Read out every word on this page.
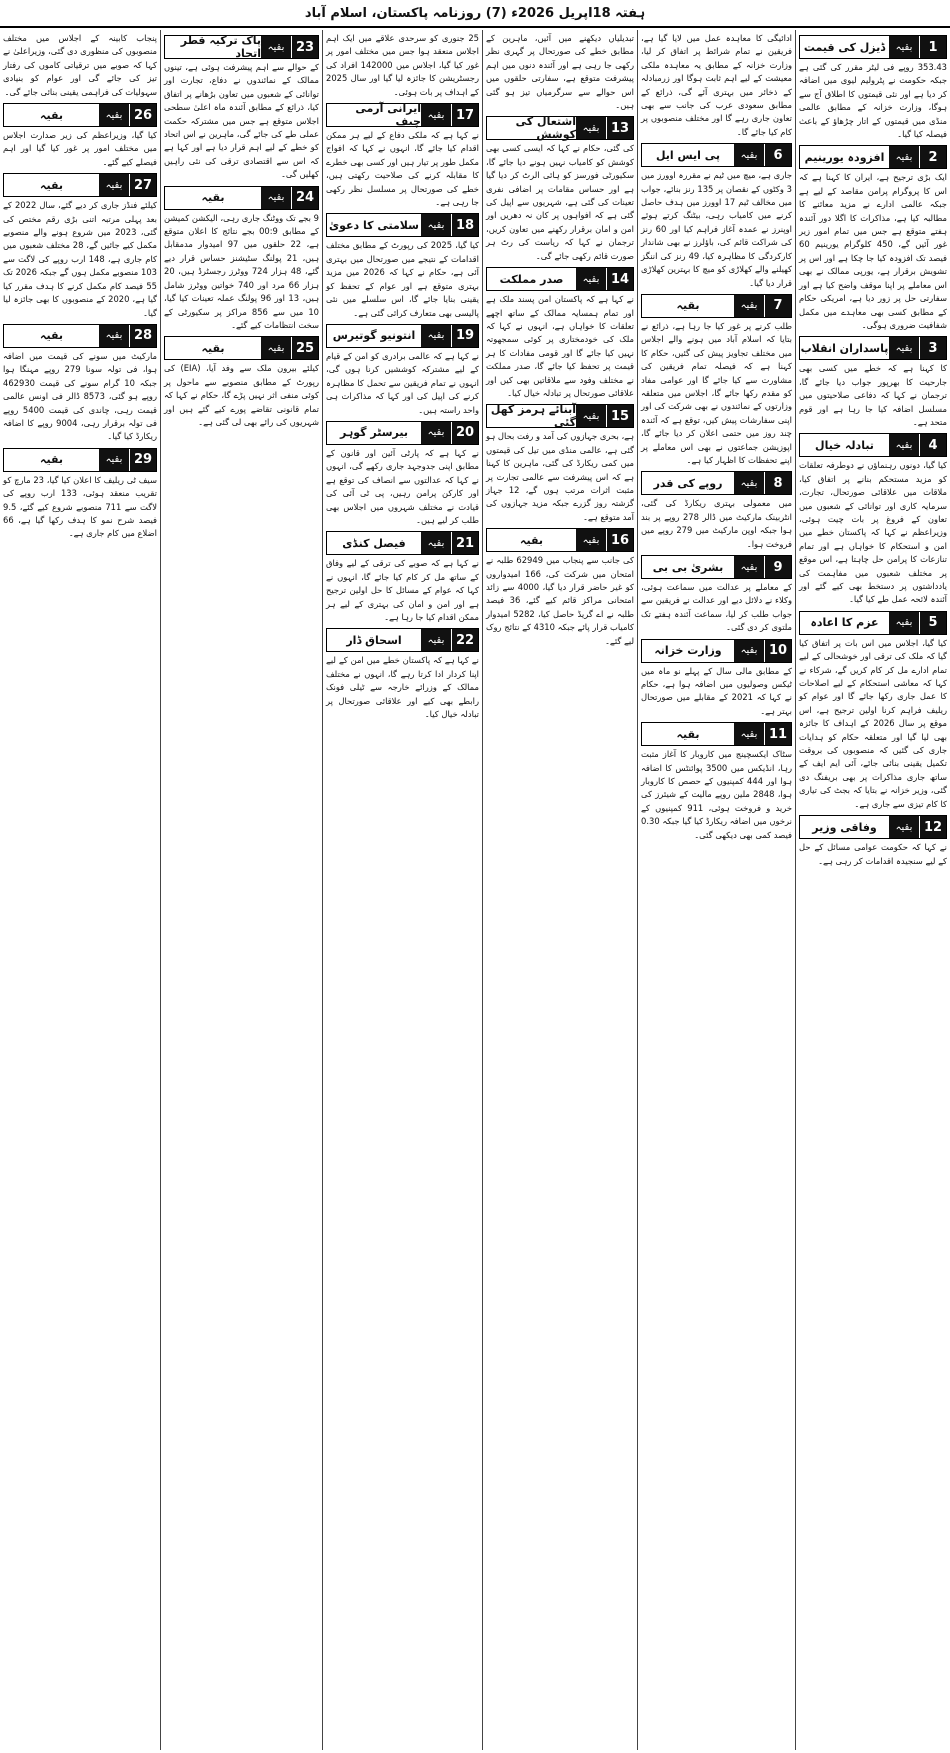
ہفتہ 18اپریل 2026ء (7) روزنامہ پاکستان، اسلام آباد
1
بقیہ
ڈیزل کی قیمت
353.43 روپے فی لیٹر مقرر کی گئی ہے جبکہ حکومت نے پٹرولیم لیوی میں اضافہ کر دیا ہے اور نئی قیمتوں کا اطلاق آج سے ہوگا، وزارت خزانہ کے مطابق عالمی منڈی میں قیمتوں کے اتار چڑھاؤ کے باعث فیصلہ کیا گیا۔
2
بقیہ
افزودہ یورینیم
ایک بڑی ترجیح ہے، ایران کا کہنا ہے کہ اس کا پروگرام پرامن مقاصد کے لیے ہے جبکہ عالمی ادارے نے مزید معائنے کا مطالبہ کیا ہے، مذاکرات کا اگلا دور آئندہ ہفتے متوقع ہے جس میں تمام امور زیر غور آئیں گے، 450 کلوگرام یورینیم 60 فیصد تک افزودہ کیا جا چکا ہے اور اس پر تشویش برقرار ہے، یورپی ممالک نے بھی اس معاملے پر اپنا موقف واضح کیا ہے اور سفارتی حل پر زور دیا ہے، امریکی حکام کے مطابق کسی بھی معاہدے میں مکمل شفافیت ضروری ہوگی۔
3
بقیہ
پاسداران انقلاب
کا کہنا ہے کہ خطے میں کسی بھی جارحیت کا بھرپور جواب دیا جائے گا، ترجمان نے کہا کہ دفاعی صلاحیتوں میں مسلسل اضافہ کیا جا رہا ہے اور قوم متحد ہے۔
4
بقیہ
تبادلہ خیال
کیا گیا، دونوں رہنماؤں نے دوطرفہ تعلقات کو مزید مستحکم بنانے پر اتفاق کیا، ملاقات میں علاقائی صورتحال، تجارت، سرمایہ کاری اور توانائی کے شعبوں میں تعاون کے فروغ پر بات چیت ہوئی، وزیراعظم نے کہا کہ پاکستان خطے میں امن و استحکام کا خواہاں ہے اور تمام تنازعات کا پرامن حل چاہتا ہے، اس موقع پر مختلف شعبوں میں مفاہمت کی یادداشتوں پر دستخط بھی کیے گئے اور آئندہ لائحہ عمل طے کیا گیا۔
5
بقیہ
عزم کا اعادہ
کیا گیا، اجلاس میں اس بات پر اتفاق کیا گیا کہ ملک کی ترقی اور خوشحالی کے لیے تمام ادارے مل کر کام کریں گے، شرکاء نے کہا کہ معاشی استحکام کے لیے اصلاحات کا عمل جاری رکھا جائے گا اور عوام کو ریلیف فراہم کرنا اولین ترجیح ہے، اس موقع پر سال 2026 کے اہداف کا جائزہ بھی لیا گیا اور متعلقہ حکام کو ہدایات جاری کی گئیں کہ منصوبوں کی بروقت تکمیل یقینی بنائی جائے، آئی ایم ایف کے ساتھ جاری مذاکرات پر بھی بریفنگ دی گئی، وزیر خزانہ نے بتایا کہ بجٹ کی تیاری کا کام تیزی سے جاری ہے۔
12
بقیہ
وفاقی وزیر
نے کہا کہ حکومت عوامی مسائل کے حل کے لیے سنجیدہ اقدامات کر رہی ہے۔
ادائیگی کا معاہدہ عمل میں لایا گیا ہے، فریقین نے تمام شرائط پر اتفاق کر لیا، وزارت خزانہ کے مطابق یہ معاہدہ ملکی معیشت کے لیے اہم ثابت ہوگا اور زرمبادلہ کے ذخائر میں بہتری آئے گی، ذرائع کے مطابق سعودی عرب کی جانب سے بھی تعاون جاری رہے گا اور مختلف منصوبوں پر کام کیا جائے گا۔
6
بقیہ
پی ایس ایل
جاری ہے، میچ میں ٹیم نے مقررہ اوورز میں 3 وکٹوں کے نقصان پر 135 رنز بنائے، جواب میں مخالف ٹیم 17 اوورز میں ہدف حاصل کرنے میں کامیاب رہی، بیٹنگ کرتے ہوئے اوپنرز نے عمدہ آغاز فراہم کیا اور 60 رنز کی شراکت قائم کی، باؤلرز نے بھی شاندار کارکردگی کا مظاہرہ کیا، 49 رنز کی اننگز کھیلنے والے کھلاڑی کو میچ کا بہترین کھلاڑی قرار دیا گیا۔
7
بقیہ
بقیہ
طلب کرنے پر غور کیا جا رہا ہے، ذرائع نے بتایا کہ اسلام آباد میں ہونے والے اجلاس میں مختلف تجاویز پیش کی گئیں، حکام کا کہنا ہے کہ فیصلہ تمام فریقین کی مشاورت سے کیا جائے گا اور عوامی مفاد کو مقدم رکھا جائے گا، اجلاس میں متعلقہ وزارتوں کے نمائندوں نے بھی شرکت کی اور اپنی سفارشات پیش کیں، توقع ہے کہ آئندہ چند روز میں حتمی اعلان کر دیا جائے گا، اپوزیشن جماعتوں نے بھی اس معاملے پر اپنے تحفظات کا اظہار کیا ہے۔
8
بقیہ
روپے کی قدر
میں معمولی بہتری ریکارڈ کی گئی، انٹربینک مارکیٹ میں ڈالر 278 روپے پر بند ہوا جبکہ اوپن مارکیٹ میں 279 روپے میں فروخت ہوا۔
9
بقیہ
بشریٰ بی بی
کے معاملے پر عدالت میں سماعت ہوئی، وکلاء نے دلائل دیے اور عدالت نے فریقین سے جواب طلب کر لیا، سماعت آئندہ ہفتے تک ملتوی کر دی گئی۔
10
بقیہ
وزارت خزانہ
کے مطابق مالی سال کے پہلے نو ماہ میں ٹیکس وصولیوں میں اضافہ ہوا ہے، حکام نے کہا کہ 2021 کے مقابلے میں صورتحال بہتر ہے۔
11
بقیہ
بقیہ
سٹاک ایکسچینج میں کاروبار کا آغاز مثبت رہا، انڈیکس میں 3500 پوائنٹس کا اضافہ ہوا اور 444 کمپنیوں کے حصص کا کاروبار ہوا، 2848 ملین روپے مالیت کے شیئرز کی خرید و فروخت ہوئی، 911 کمپنیوں کے نرخوں میں اضافہ ریکارڈ کیا گیا جبکہ 0.30 فیصد کمی بھی دیکھی گئی۔
تبدیلیاں دیکھنے میں آئیں، ماہرین کے مطابق خطے کی صورتحال پر گہری نظر رکھی جا رہی ہے اور آئندہ دنوں میں اہم پیشرفت متوقع ہے، سفارتی حلقوں میں اس حوالے سے سرگرمیاں تیز ہو گئی ہیں۔
13
بقیہ
اشتعال کی کوشش
کی گئی، حکام نے کہا کہ ایسی کسی بھی کوشش کو کامیاب نہیں ہونے دیا جائے گا، سکیورٹی فورسز کو ہائی الرٹ کر دیا گیا ہے اور حساس مقامات پر اضافی نفری تعینات کی گئی ہے، شہریوں سے اپیل کی گئی ہے کہ افواہوں پر کان نہ دھریں اور امن و امان برقرار رکھنے میں تعاون کریں، ترجمان نے کہا کہ ریاست کی رٹ ہر صورت قائم رکھی جائے گی۔
14
بقیہ
صدر مملکت
نے کہا ہے کہ پاکستان امن پسند ملک ہے اور تمام ہمسایہ ممالک کے ساتھ اچھے تعلقات کا خواہاں ہے، انہوں نے کہا کہ ملک کی خودمختاری پر کوئی سمجھوتہ نہیں کیا جائے گا اور قومی مفادات کا ہر قیمت پر تحفظ کیا جائے گا، صدر مملکت نے مختلف وفود سے ملاقاتیں بھی کیں اور علاقائی صورتحال پر تبادلہ خیال کیا۔
15
بقیہ
آبنائے ہرمز کھل گئی
ہے، بحری جہازوں کی آمد و رفت بحال ہو گئی ہے، عالمی منڈی میں تیل کی قیمتوں میں کمی ریکارڈ کی گئی، ماہرین کا کہنا ہے کہ اس پیشرفت سے عالمی تجارت پر مثبت اثرات مرتب ہوں گے، 12 جہاز گزشتہ روز گزرے جبکہ مزید جہازوں کی آمد متوقع ہے۔
16
بقیہ
بقیہ
کی جانب سے پنجاب میں 62949 طلبہ نے امتحان میں شرکت کی، 166 امیدواروں کو غیر حاضر قرار دیا گیا، 4000 سے زائد امتحانی مراکز قائم کیے گئے، 36 فیصد طلبہ نے اے گریڈ حاصل کیا، 5282 امیدوار کامیاب قرار پائے جبکہ 4310 کے نتائج روک لیے گئے۔
25 جنوری کو سرحدی علاقے میں ایک اہم اجلاس منعقد ہوا جس میں مختلف امور پر غور کیا گیا، اجلاس میں 142000 افراد کی رجسٹریشن کا جائزہ لیا گیا اور سال 2025 کے اہداف پر بات ہوئی۔
17
بقیہ
ایرانی آرمی چیف
نے کہا ہے کہ ملکی دفاع کے لیے ہر ممکن اقدام کیا جائے گا، انہوں نے کہا کہ افواج مکمل طور پر تیار ہیں اور کسی بھی خطرے کا مقابلہ کرنے کی صلاحیت رکھتی ہیں، خطے کی صورتحال پر مسلسل نظر رکھی جا رہی ہے۔
18
بقیہ
سلامتی کا دعویٰ
کیا گیا، 2025 کی رپورٹ کے مطابق مختلف اقدامات کے نتیجے میں صورتحال میں بہتری آئی ہے، حکام نے کہا کہ 2026 میں مزید بہتری متوقع ہے اور عوام کے تحفظ کو یقینی بنایا جائے گا، اس سلسلے میں نئی پالیسی بھی متعارف کرائی گئی ہے۔
19
بقیہ
انتونیو گوتیرس
نے کہا ہے کہ عالمی برادری کو امن کے قیام کے لیے مشترکہ کوششیں کرنا ہوں گی، انہوں نے تمام فریقین سے تحمل کا مظاہرہ کرنے کی اپیل کی اور کہا کہ مذاکرات ہی واحد راستہ ہیں۔
20
بقیہ
بیرسٹر گوہر
نے کہا ہے کہ پارٹی آئین اور قانون کے مطابق اپنی جدوجہد جاری رکھے گی، انہوں نے کہا کہ عدالتوں سے انصاف کی توقع ہے اور کارکن پرامن رہیں، پی ٹی آئی کی قیادت نے مختلف شہروں میں اجلاس بھی طلب کر لیے ہیں۔
21
بقیہ
فیصل کنڈی
نے کہا ہے کہ صوبے کی ترقی کے لیے وفاق کے ساتھ مل کر کام کیا جائے گا، انہوں نے کہا کہ عوام کے مسائل کا حل اولین ترجیح ہے اور امن و امان کی بہتری کے لیے ہر ممکن اقدام کیا جا رہا ہے۔
22
بقیہ
اسحاق ڈار
نے کہا ہے کہ پاکستان خطے میں امن کے لیے اپنا کردار ادا کرتا رہے گا، انہوں نے مختلف ممالک کے وزرائے خارجہ سے ٹیلی فونک رابطے بھی کیے اور علاقائی صورتحال پر تبادلہ خیال کیا۔
23
بقیہ
پاک ترکیہ قطر اتحاد
کے حوالے سے اہم پیشرفت ہوئی ہے، تینوں ممالک کے نمائندوں نے دفاع، تجارت اور توانائی کے شعبوں میں تعاون بڑھانے پر اتفاق کیا، ذرائع کے مطابق آئندہ ماہ اعلیٰ سطحی اجلاس متوقع ہے جس میں مشترکہ حکمت عملی طے کی جائے گی، ماہرین نے اس اتحاد کو خطے کے لیے اہم قرار دیا ہے اور کہا ہے کہ اس سے اقتصادی ترقی کی نئی راہیں کھلیں گی۔
24
بقیہ
بقیہ
9 بجے تک ووٹنگ جاری رہی، الیکشن کمیشن کے مطابق 00:9 بجے نتائج کا اعلان متوقع ہے، 22 حلقوں میں 97 امیدوار مدمقابل ہیں، 21 پولنگ سٹیشنز حساس قرار دیے گئے، 48 ہزار 724 ووٹرز رجسٹرڈ ہیں، 20 ہزار 66 مرد اور 740 خواتین ووٹرز شامل ہیں، 13 اور 96 پولنگ عملہ تعینات کیا گیا، 10 میں سے 856 مراکز پر سکیورٹی کے سخت انتظامات کیے گئے۔
25
بقیہ
بقیہ
کیلئے بیرون ملک سے وفد آیا، (EIA) کی رپورٹ کے مطابق منصوبے سے ماحول پر کوئی منفی اثر نہیں پڑے گا، حکام نے کہا کہ تمام قانونی تقاضے پورے کیے گئے ہیں اور شہریوں کی رائے بھی لی گئی ہے۔
پنجاب کابینہ کے اجلاس میں مختلف منصوبوں کی منظوری دی گئی، وزیراعلیٰ نے کہا کہ صوبے میں ترقیاتی کاموں کی رفتار تیز کی جائے گی اور عوام کو بنیادی سہولیات کی فراہمی یقینی بنائی جائے گی۔
26
بقیہ
بقیہ
کیا گیا، وزیراعظم کی زیر صدارت اجلاس میں مختلف امور پر غور کیا گیا اور اہم فیصلے کیے گئے۔
27
بقیہ
بقیہ
کیلئے فنڈز جاری کر دیے گئے، سال 2022 کے بعد پہلی مرتبہ اتنی بڑی رقم مختص کی گئی، 2023 میں شروع ہونے والے منصوبے مکمل کیے جائیں گے، 28 مختلف شعبوں میں کام جاری ہے، 148 ارب روپے کی لاگت سے 103 منصوبے مکمل ہوں گے جبکہ 2026 تک 55 فیصد کام مکمل کرنے کا ہدف مقرر کیا گیا ہے، 2020 کے منصوبوں کا بھی جائزہ لیا گیا۔
28
بقیہ
بقیہ
مارکیٹ میں سونے کی قیمت میں اضافہ ہوا، فی تولہ سونا 279 روپے مہنگا ہوا جبکہ 10 گرام سونے کی قیمت 462930 روپے ہو گئی، 8573 ڈالر فی اونس عالمی قیمت رہی، چاندی کی قیمت 5400 روپے فی تولہ برقرار رہی، 9004 روپے کا اضافہ ریکارڈ کیا گیا۔
29
بقیہ
بقیہ
سیف ٹی ریلیف کا اعلان کیا گیا، 23 مارچ کو تقریب منعقد ہوئی، 133 ارب روپے کی لاگت سے 711 منصوبے شروع کیے گئے، 9.5 فیصد شرح نمو کا ہدف رکھا گیا ہے، 66 اضلاع میں کام جاری ہے۔
